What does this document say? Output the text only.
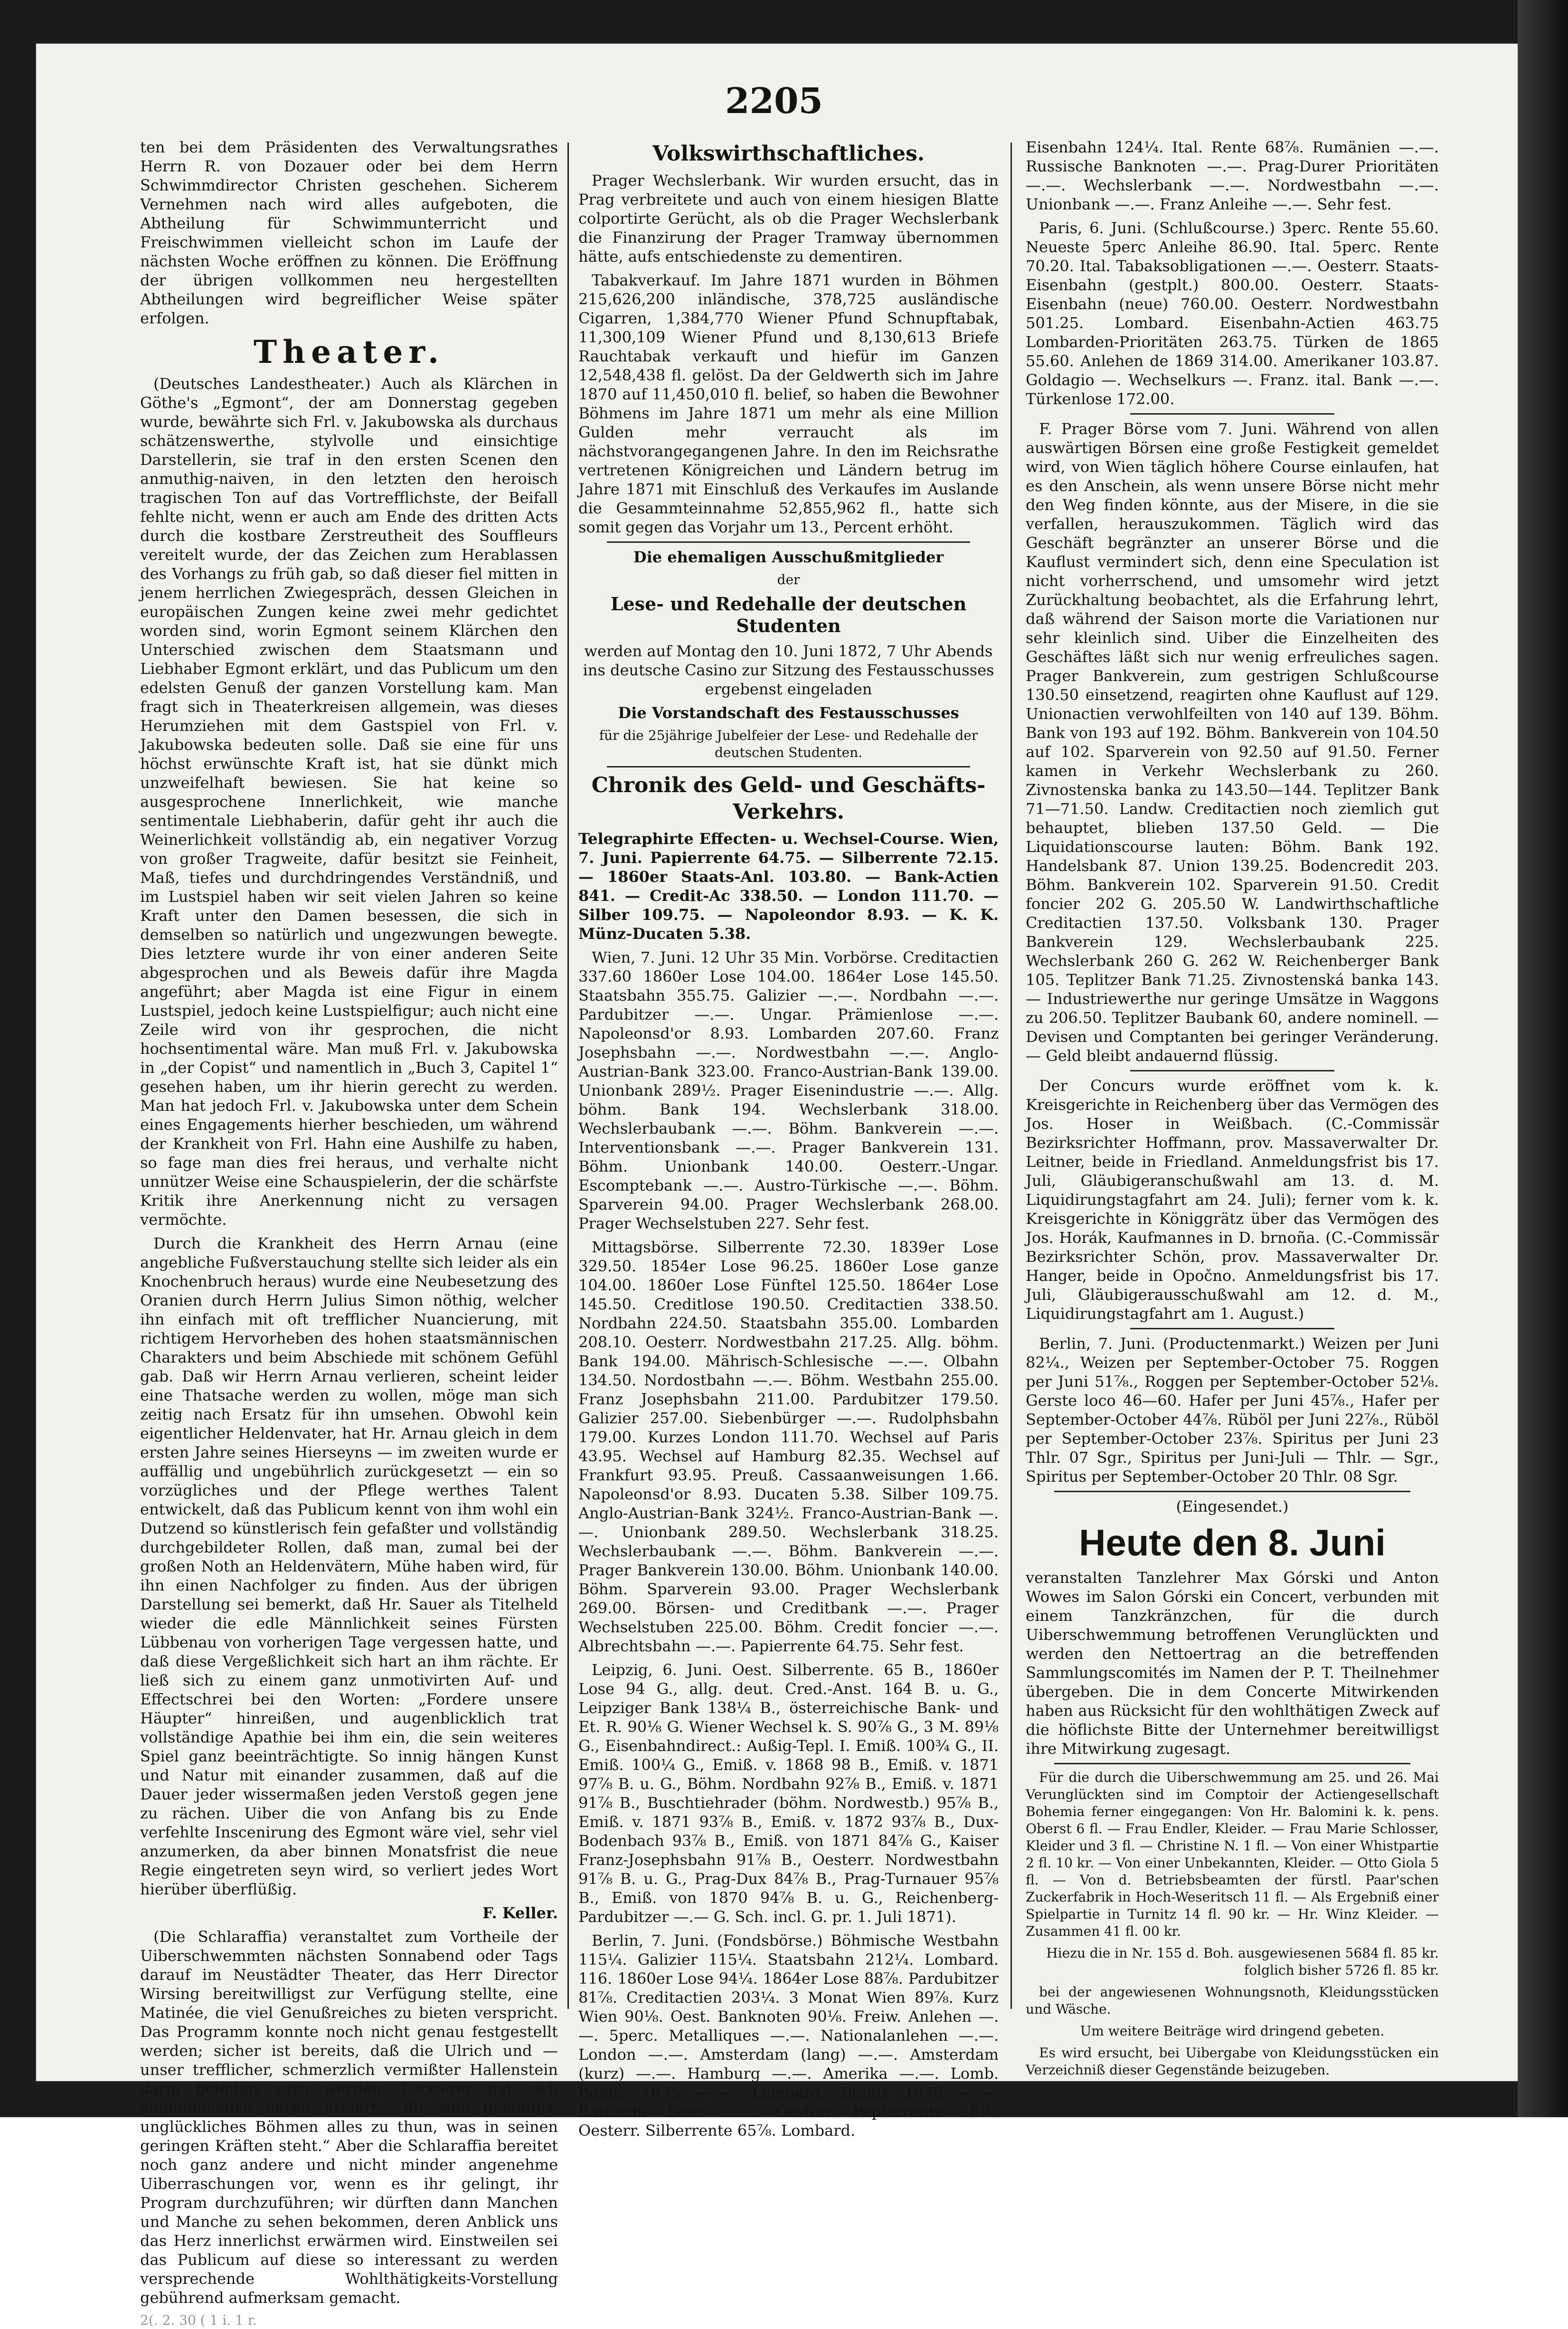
2205

ten bei dem Präsidenten des Verwaltungsrathes Herrn R. von Dozauer oder bei dem Herrn Schwimmdirector Christen geschehen. Sicherem Vernehmen nach wird alles aufgeboten, die Abtheilung für Schwimmunterricht und Freischwimmen vielleicht schon im Laufe der nächsten Woche eröffnen zu können. Die Eröffnung der übrigen vollkommen neu hergestellten Abtheilungen wird begreiflicher Weise später erfolgen.

Theater.

(Deutsches Landestheater.) Auch als Klärchen in Göthe's „Egmont“, der am Donnerstag gegeben wurde, bewährte sich Frl. v. Jakubowska als durchaus schätzenswerthe, stylvolle und einsichtige Darstellerin, sie traf in den ersten Scenen den anmuthig-naiven, in den letzten den heroisch tragischen Ton auf das Vortrefflichste, der Beifall fehlte nicht, wenn er auch am Ende des dritten Acts durch die kostbare Zerstreutheit des Souffleurs vereitelt wurde, der das Zeichen zum Herablassen des Vorhangs zu früh gab, so daß dieser fiel mitten in jenem herrlichen Zwiegespräch, dessen Gleichen in europäischen Zungen keine zwei mehr gedichtet worden sind, worin Egmont seinem Klärchen den Unterschied zwischen dem Staatsmann und Liebhaber Egmont erklärt, und das Publicum um den edelsten Genuß der ganzen Vorstellung kam. Man fragt sich in Theaterkreisen allgemein, was dieses Herumziehen mit dem Gastspiel von Frl. v. Jakubowska bedeuten solle. Daß sie eine für uns höchst erwünschte Kraft ist, hat sie dünkt mich unzweifelhaft bewiesen. Sie hat keine so ausgesprochene Innerlichkeit, wie manche sentimentale Liebhaberin, dafür geht ihr auch die Weinerlichkeit vollständig ab, ein negativer Vorzug von großer Tragweite, dafür besitzt sie Feinheit, Maß, tiefes und durchdringendes Verständniß, und im Lustspiel haben wir seit vielen Jahren so keine Kraft unter den Damen besessen, die sich in demselben so natürlich und ungezwungen bewegte. Dies letztere wurde ihr von einer anderen Seite abgesprochen und als Beweis dafür ihre Magda angeführt; aber Magda ist eine Figur in einem Lustspiel, jedoch keine Lustspielfigur; auch nicht eine Zeile wird von ihr gesprochen, die nicht hochsentimental wäre. Man muß Frl. v. Jakubowska in „der Copist“ und namentlich in „Buch 3, Capitel 1“ gesehen haben, um ihr hierin gerecht zu werden. Man hat jedoch Frl. v. Jakubowska unter dem Schein eines Engagements hierher beschieden, um während der Krankheit von Frl. Hahn eine Aushilfe zu haben, so fage man dies frei heraus, und verhalte nicht unnützer Weise eine Schauspielerin, der die schärfste Kritik ihre Anerkennung nicht zu versagen vermöchte.

Durch die Krankheit des Herrn Arnau (eine angebliche Fußverstauchung stellte sich leider als ein Knochenbruch heraus) wurde eine Neubesetzung des Oranien durch Herrn Julius Simon nöthig, welcher ihn einfach mit oft trefflicher Nuancierung, mit richtigem Hervorheben des hohen staatsmännischen Charakters und beim Abschiede mit schönem Gefühl gab. Daß wir Herrn Arnau verlieren, scheint leider eine Thatsache werden zu wollen, möge man sich zeitig nach Ersatz für ihn umsehen. Obwohl kein eigentlicher Heldenvater, hat Hr. Arnau gleich in dem ersten Jahre seines Hierseyns — im zweiten wurde er auffällig und ungebührlich zurückgesetzt — ein so vorzügliches und der Pflege werthes Talent entwickelt, daß das Publicum kennt von ihm wohl ein Dutzend so künstlerisch fein gefaßter und vollständig durchgebildeter Rollen, daß man, zumal bei der großen Noth an Heldenvätern, Mühe haben wird, für ihn einen Nachfolger zu finden. Aus der übrigen Darstellung sei bemerkt, daß Hr. Sauer als Titelheld wieder die edle Männlichkeit seines Fürsten Lübbenau von vorherigen Tage vergessen hatte, und daß diese Vergeßlichkeit sich hart an ihm rächte. Er ließ sich zu einem ganz unmotivirten Auf- und Effectschrei bei den Worten: „Fordere unsere Häupter“ hinreißen, und augenblicklich trat vollständige Apathie bei ihm ein, die sein weiteres Spiel ganz beeinträchtigte. So innig hängen Kunst und Natur mit einander zusammen, daß auf die Dauer jeder wissermaßen jeden Verstoß gegen jene zu rächen. Uiber die von Anfang bis zu Ende verfehlte Inscenirung des Egmont wäre viel, sehr viel anzumerken, da aber binnen Monatsfrist die neue Regie eingetreten seyn wird, so verliert jedes Wort hierüber überflüßig.

F. Keller.

(Die Schlaraffia) veranstaltet zum Vortheile der Uiberschwemmten nächsten Sonnabend oder Tags darauf im Neustädter Theater, das Herr Director Wirsing bereitwilligst zur Verfügung stellte, eine Matinée, die viel Genußreiches zu bieten verspricht. Das Programm konnte noch nicht genau festgestellt werden; sicher ist bereits, daß die Ulrich und — unser trefflicher, schmerzlich vermißter Hallenstein darin beteiligt seyn werden. Letzterer hat sich augenblicklich bereit erklärt, „für sein geliebtes, unglückliches Böhmen alles zu thun, was in seinen geringen Kräften steht.“ Aber die Schlaraffia bereitet noch ganz andere und nicht minder angenehme Uiberraschungen vor, wenn es ihr gelingt, ihr Program durchzuführen; wir dürften dann Manchen und Manche zu sehen bekommen, deren Anblick uns das Herz innerlichst erwärmen wird. Einstweilen sei das Publicum auf diese so interessant zu werden versprechende Wohlthätigkeits-Vorstellung gebührend aufmerksam gemacht.

2(. 2. 30 ( 1 i. 1 r.

Volkswirthschaftliches.

Prager Wechslerbank. Wir wurden ersucht, das in Prag verbreitete und auch von einem hiesigen Blatte colportirte Gerücht, als ob die Prager Wechslerbank die Finanzirung der Prager Tramway übernommen hätte, aufs entschiedenste zu dementiren.

Tabakverkauf. Im Jahre 1871 wurden in Böhmen 215,626,200 inländische, 378,725 ausländische Cigarren, 1,384,770 Wiener Pfund Schnupftabak, 11,300,109 Wiener Pfund und 8,130,613 Briefe Rauchtabak verkauft und hiefür im Ganzen 12,548,438 fl. gelöst. Da der Geldwerth sich im Jahre 1870 auf 11,450,010 fl. belief, so haben die Bewohner Böhmens im Jahre 1871 um mehr als eine Million Gulden mehr verraucht als im nächstvorangegangenen Jahre. In den im Reichsrathe vertretenen Königreichen und Ländern betrug im Jahre 1871 mit Einschluß des Verkaufes im Auslande die Gesammteinnahme 52,855,962 fl., hatte sich somit gegen das Vorjahr um 13., Percent erhöht.

Die ehemaligen Ausschußmitglieder

der

Lese- und Redehalle der deutschen Studenten

werden auf Montag den 10. Juni 1872, 7 Uhr Abends ins deutsche Casino zur Sitzung des Festausschusses ergebenst eingeladen

Die Vorstandschaft des Festausschusses

für die 25jährige Jubelfeier der Lese- und Redehalle der deutschen Studenten.

Chronik des Geld- und Geschäfts-Verkehrs.

Telegraphirte Effecten- u. Wechsel-Course. Wien, 7. Juni. Papierrente 64.75. — Silberrente 72.15. — 1860er Staats-Anl. 103.80. — Bank-Actien 841. — Credit-Ac 338.50. — London 111.70. — Silber 109.75. — Napoleondor 8.93. — K. K. Münz-Ducaten 5.38.

Wien, 7. Juni. 12 Uhr 35 Min. Vorbörse. Creditactien 337.60 1860er Lose 104.00. 1864er Lose 145.50. Staatsbahn 355.75. Galizier —.—. Nordbahn —.—. Pardubitzer —.—. Ungar. Prämienlose —.—. Napoleonsd'or 8.93. Lombarden 207.60. Franz Josephsbahn —.—. Nordwestbahn —.—. Anglo-Austrian-Bank 323.00. Franco-Austrian-Bank 139.00. Unionbank 289½. Prager Eisenindustrie —.—. Allg. böhm. Bank 194. Wechslerbank 318.00. Wechslerbaubank —.—. Böhm. Bankverein —.—. Interventionsbank —.—. Prager Bankverein 131. Böhm. Unionbank 140.00. Oesterr.-Ungar. Escomptebank —.—. Austro-Türkische —.—. Böhm. Sparverein 94.00. Prager Wechslerbank 268.00. Prager Wechselstuben 227. Sehr fest.

Mittagsbörse. Silberrente 72.30. 1839er Lose 329.50. 1854er Lose 96.25. 1860er Lose ganze 104.00. 1860er Lose Fünftel 125.50. 1864er Lose 145.50. Creditlose 190.50. Creditactien 338.50. Nordbahn 224.50. Staatsbahn 355.00. Lombarden 208.10. Oesterr. Nordwestbahn 217.25. Allg. böhm. Bank 194.00. Mährisch-Schlesische —.—. Olbahn 134.50. Nordostbahn —.—. Böhm. Westbahn 255.00. Franz Josephsbahn 211.00. Pardubitzer 179.50. Galizier 257.00. Siebenbürger —.—. Rudolphsbahn 179.00. Kurzes London 111.70. Wechsel auf Paris 43.95. Wechsel auf Hamburg 82.35. Wechsel auf Frankfurt 93.95. Preuß. Cassaanweisungen 1.66. Napoleonsd'or 8.93. Ducaten 5.38. Silber 109.75. Anglo-Austrian-Bank 324½. Franco-Austrian-Bank —.—. Unionbank 289.50. Wechslerbank 318.25. Wechslerbaubank —.—. Böhm. Bankverein —.—. Prager Bankverein 130.00. Böhm. Unionbank 140.00. Böhm. Sparverein 93.00. Prager Wechslerbank 269.00. Börsen- und Creditbank —.—. Prager Wechselstuben 225.00. Böhm. Credit foncier —.—. Albrechtsbahn —.—. Papierrente 64.75. Sehr fest.

Leipzig, 6. Juni. Oest. Silberrente. 65 B., 1860er Lose 94 G., allg. deut. Cred.-Anst. 164 B. u. G., Leipziger Bank 138¼ B., österreichische Bank- und Et. R. 90⅛ G. Wiener Wechsel k. S. 90⅞ G., 3 M. 89⅛ G., Eisenbahndirect.: Außig-Tepl. I. Emiß. 100¾ G., II. Emiß. 100¼ G., Emiß. v. 1868 98 B., Emiß. v. 1871 97⅞ B. u. G., Böhm. Nordbahn 92⅞ B., Emiß. v. 1871 91⅞ B., Buschtiehrader (böhm. Nordwestb.) 95⅞ B., Emiß. v. 1871 93⅞ B., Emiß. v. 1872 93⅞ B., Dux-Bodenbach 93⅞ B., Emiß. von 1871 84⅞ G., Kaiser Franz-Josephsbahn 91⅞ B., Oesterr. Nordwestbahn 91⅞ B. u. G., Prag-Dux 84⅞ B., Prag-Turnauer 95⅞ B., Emiß. von 1870 94⅞ B. u. G., Reichenberg-Pardubitzer —.— G. Sch. incl. G. pr. 1. Juli 1871).

Berlin, 7. Juni. (Fondsbörse.) Böhmische Westbahn 115¼. Galizier 115¼. Staatsbahn 212¼. Lombard. 116. 1860er Lose 94¼. 1864er Lose 88⅞. Pardubitzer 81⅞. Creditactien 203¼. 3 Monat Wien 89⅞. Kurz Wien 90⅛. Oest. Banknoten 90⅛. Freiw. Anlehen —.—. 5perc. Metalliques —.—. Nationalanlehen —.—. London —.—. Amsterdam (lang) —.—. Amsterdam (kurz) —.—. Hamburg —.—. Amerika —.—. Lomb. Bonds 1875 —.—. Lombard. Bonds 1876 —.—. Bairische Lose —.—. Oesterr. Papierrente 58⅞. Oesterr. Silberrente 65⅞. Lombard.

Eisenbahn 124¼. Ital. Rente 68⅞. Rumänien —.—. Russische Banknoten —.—. Prag-Durer Prioritäten —.—. Wechslerbank —.—. Nordwestbahn —.—. Unionbank —.—. Franz Anleihe —.—. Sehr fest.

Paris, 6. Juni. (Schlußcourse.) 3perc. Rente 55.60. Neueste 5perc Anleihe 86.90. Ital. 5perc. Rente 70.20. Ital. Tabaksobligationen —.—. Oesterr. Staats-Eisenbahn (gestplt.) 800.00. Oesterr. Staats-Eisenbahn (neue) 760.00. Oesterr. Nordwestbahn 501.25. Lombard. Eisenbahn-Actien 463.75 Lombarden-Prioritäten 263.75. Türken de 1865 55.60. Anlehen de 1869 314.00. Amerikaner 103.87. Goldagio —. Wechselkurs —. Franz. ital. Bank —.—. Türkenlose 172.00.

F. Prager Börse vom 7. Juni. Während von allen auswärtigen Börsen eine große Festigkeit gemeldet wird, von Wien täglich höhere Course einlaufen, hat es den Anschein, als wenn unsere Börse nicht mehr den Weg finden könnte, aus der Misere, in die sie verfallen, herauszukommen. Täglich wird das Geschäft begränzter an unserer Börse und die Kauflust vermindert sich, denn eine Speculation ist nicht vorherrschend, und umsomehr wird jetzt Zurückhaltung beobachtet, als die Erfahrung lehrt, daß während der Saison morte die Variationen nur sehr kleinlich sind. Uiber die Einzelheiten des Geschäftes läßt sich nur wenig erfreuliches sagen. Prager Bankverein, zum gestrigen Schlußcourse 130.50 einsetzend, reagirten ohne Kauflust auf 129. Unionactien verwohlfeilten von 140 auf 139. Böhm. Bank von 193 auf 192. Böhm. Bankverein von 104.50 auf 102. Sparverein von 92.50 auf 91.50. Ferner kamen in Verkehr Wechslerbank zu 260. Zivnostenska banka zu 143.50—144. Teplitzer Bank 71—71.50. Landw. Creditactien noch ziemlich gut behauptet, blieben 137.50 Geld. — Die Liquidationscourse lauten: Böhm. Bank 192. Handelsbank 87. Union 139.25. Bodencredit 203. Böhm. Bankverein 102. Sparverein 91.50. Credit foncier 202 G. 205.50 W. Landwirthschaftliche Creditactien 137.50. Volksbank 130. Prager Bankverein 129. Wechslerbaubank 225. Wechslerbank 260 G. 262 W. Reichenberger Bank 105. Teplitzer Bank 71.25. Zivnostenská banka 143. — Industriewerthe nur geringe Umsätze in Waggons zu 206.50. Teplitzer Baubank 60, andere nominell. — Devisen und Comptanten bei geringer Veränderung. — Geld bleibt andauernd flüssig.

Der Concurs wurde eröffnet vom k. k. Kreisgerichte in Reichenberg über das Vermögen des Jos. Hoser in Weißbach. (C.-Commissär Bezirksrichter Hoffmann, prov. Massaverwalter Dr. Leitner, beide in Friedland. Anmeldungsfrist bis 17. Juli, Gläubigeranschußwahl am 13. d. M. Liquidirungstagfahrt am 24. Juli); ferner vom k. k. Kreisgerichte in Königgrätz über das Vermögen des Jos. Horák, Kaufmannes in D. brnoña. (C.-Commissär Bezirksrichter Schön, prov. Massaverwalter Dr. Hanger, beide in Opočno. Anmeldungsfrist bis 17. Juli, Gläubigerausschußwahl am 12. d. M., Liquidirungstagfahrt am 1. August.)

Berlin, 7. Juni. (Productenmarkt.) Weizen per Juni 82¼., Weizen per September-October 75. Roggen per Juni 51⅞., Roggen per September-October 52⅛. Gerste loco 46—60. Hafer per Juni 45⅞., Hafer per September-October 44⅞. Rüböl per Juni 22⅞., Rüböl per September-October 23⅞. Spiritus per Juni 23 Thlr. 07 Sgr., Spiritus per Juni-Juli — Thlr. — Sgr., Spiritus per September-October 20 Thlr. 08 Sgr.

(Eingesendet.)

Heute den 8. Juni

veranstalten Tanzlehrer Max Górski und Anton Wowes im Salon Górski ein Concert, verbunden mit einem Tanzkränzchen, für die durch Uiberschwemmung betroffenen Verunglückten und werden den Nettoertrag an die betreffenden Sammlungscomités im Namen der P. T. Theilnehmer übergeben. Die in dem Concerte Mitwirkenden haben aus Rücksicht für den wohlthätigen Zweck auf die höflichste Bitte der Unternehmer bereitwilligst ihre Mitwirkung zugesagt.

Für die durch die Uiberschwemmung am 25. und 26. Mai Verunglückten sind im Comptoir der Actiengesellschaft Bohemia ferner eingegangen: Von Hr. Balomini k. k. pens. Oberst 6 fl. — Frau Endler, Kleider. — Frau Marie Schlosser, Kleider und 3 fl. — Christine N. 1 fl. — Von einer Whistpartie 2 fl. 10 kr. — Von einer Unbekannten, Kleider. — Otto Giola 5 fl. — Von d. Betriebsbeamten der fürstl. Paar'schen Zuckerfabrik in Hoch-Weseritsch 11 fl. — Als Ergebniß einer Spielpartie in Turnitz 14 fl. 90 kr. — Hr. Winz Kleider. — Zusammen 41 fl. 00 kr.

Hiezu die in Nr. 155 d. Boh. ausgewiesenen 5684 fl. 85 kr. folglich bisher 5726 fl. 85 kr.

bei der angewiesenen Wohnungsnoth, Kleidungsstücken und Wäsche.

Um weitere Beiträge wird dringend gebeten.

Es wird ersucht, bei Uibergabe von Kleidungsstücken ein Verzeichniß dieser Gegenstände beizugeben.
